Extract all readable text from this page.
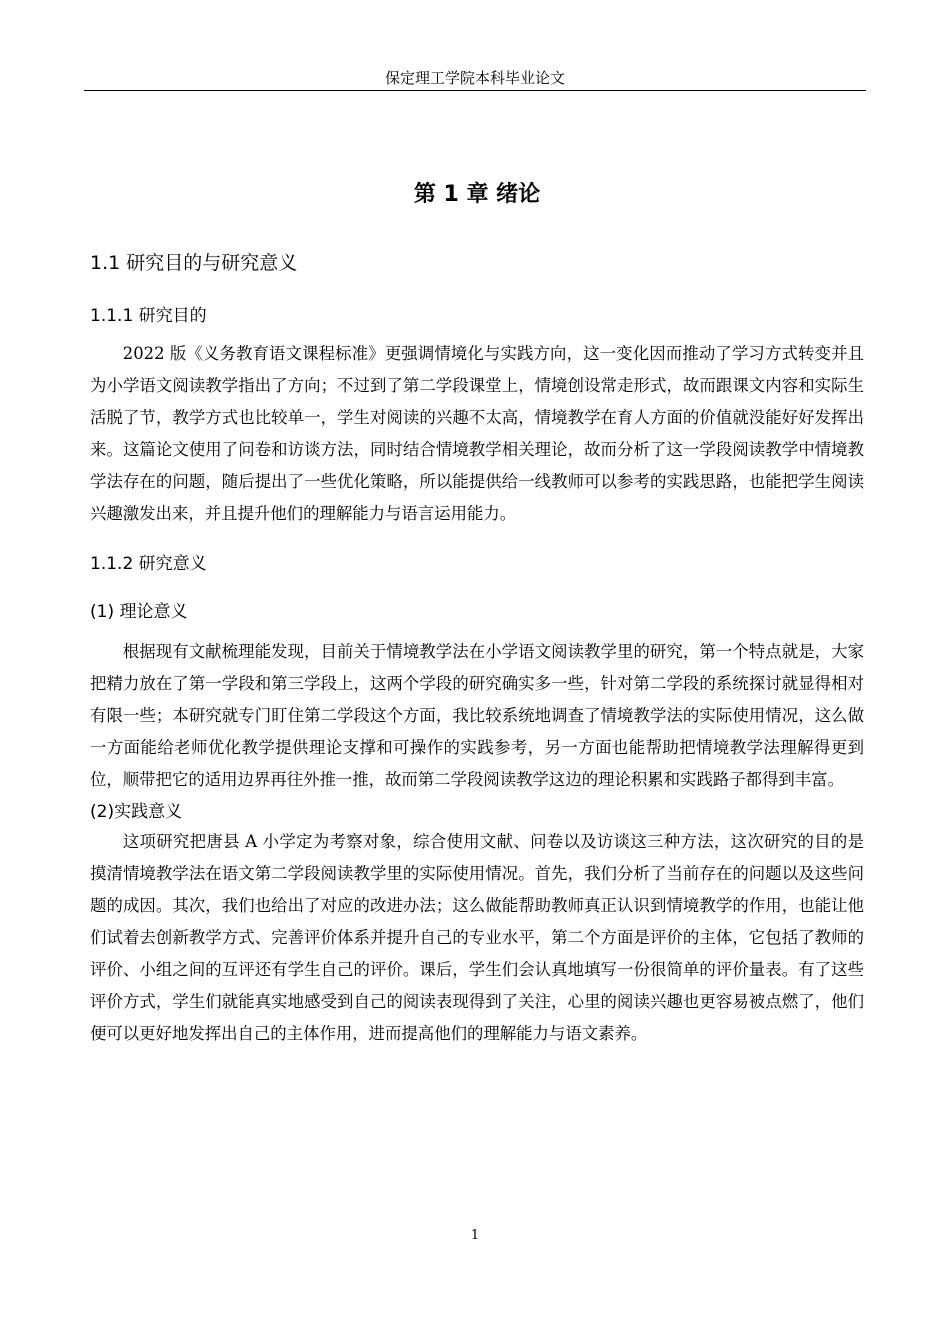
保定理工学院本科毕业论文
第 1 章 绪论
1.1 研究目的与研究意义
1.1.1 研究目的

2022 版《义务教育语文课程标准》更强调情境化与实践方向，这一变化因而推动了学习方式转变并且为小学语文阅读教学指出了方向；不过到了第二学段课堂上，情境创设常走形式，故而跟课文内容和实际生活脱了节，教学方式也比较单一，学生对阅读的兴趣不太高，情境教学在育人方面的价值就没能好好发挥出来。这篇论文使用了问卷和访谈方法，同时结合情境教学相关理论，故而分析了这一学段阅读教学中情境教学法存在的问题，随后提出了一些优化策略，所以能提供给一线教师可以参考的实践思路，也能把学生阅读兴趣激发出来，并且提升他们的理解能力与语言运用能力。

1.1.2 研究意义
(1) 理论意义

根据现有文献梳理能发现，目前关于情境教学法在小学语文阅读教学里的研究，第一个特点就是，大家把精力放在了第一学段和第三学段上，这两个学段的研究确实多一些，针对第二学段的系统探讨就显得相对有限一些；本研究就专门盯住第二学段这个方面，我比较系统地调查了情境教学法的实际使用情况，这么做一方面能给老师优化教学提供理论支撑和可操作的实践参考，另一方面也能帮助把情境教学法理解得更到位，顺带把它的适用边界再往外推一推，故而第二学段阅读教学这边的理论积累和实践路子都得到丰富。

(2)实践意义

这项研究把唐县 A 小学定为考察对象，综合使用文献、问卷以及访谈这三种方法，这次研究的目的是摸清情境教学法在语文第二学段阅读教学里的实际使用情况。首先，我们分析了当前存在的问题以及这些问题的成因。其次，我们也给出了对应的改进办法；这么做能帮助教师真正认识到情境教学的作用，也能让他们试着去创新教学方式、完善评价体系并提升自己的专业水平，第二个方面是评价的主体，它包括了教师的评价、小组之间的互评还有学生自己的评价。课后，学生们会认真地填写一份很简单的评价量表。有了这些评价方式，学生们就能真实地感受到自己的阅读表现得到了关注，心里的阅读兴趣也更容易被点燃了，他们便可以更好地发挥出自己的主体作用，进而提高他们的理解能力与语文素养。

1
